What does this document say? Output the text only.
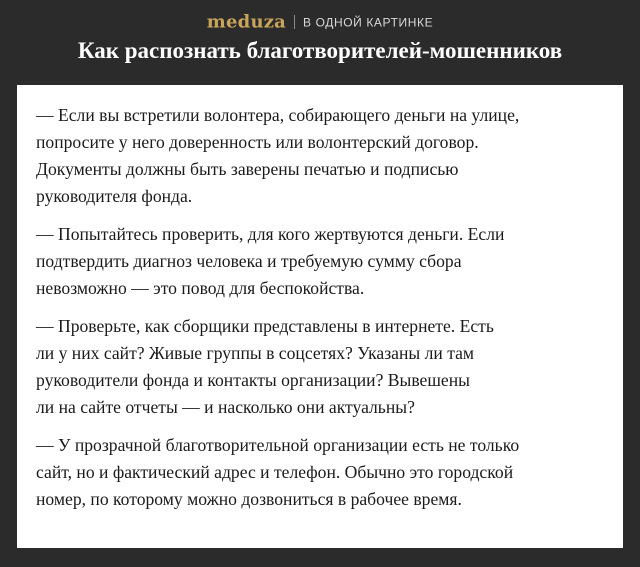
meduza В ОДНОЙ КАРТИНКЕ
Как распознать благотворителей-мошенников

— Если вы встретили волонтера, собирающего деньги на улице,
попросите у него доверенность или волонтерский договор.
Документы должны быть заверены печатью и подписью
руководителя фонда.

— Попытайтесь проверить, для кого жертвуются деньги. Если
подтвердить диагноз человека и требуемую сумму сбора
невозможно — это повод для беспокойства.

— Проверьте, как сборщики представлены в интернете. Есть
ли у них сайт? Живые группы в соцсетях? Указаны ли там
руководители фонда и контакты организации? Вывешены
ли на сайте отчеты — и насколько они актуальны?

— У прозрачной благотворительной организации есть не только
сайт, но и фактический адрес и телефон. Обычно это городской
номер, по которому можно дозвониться в рабочее время.
